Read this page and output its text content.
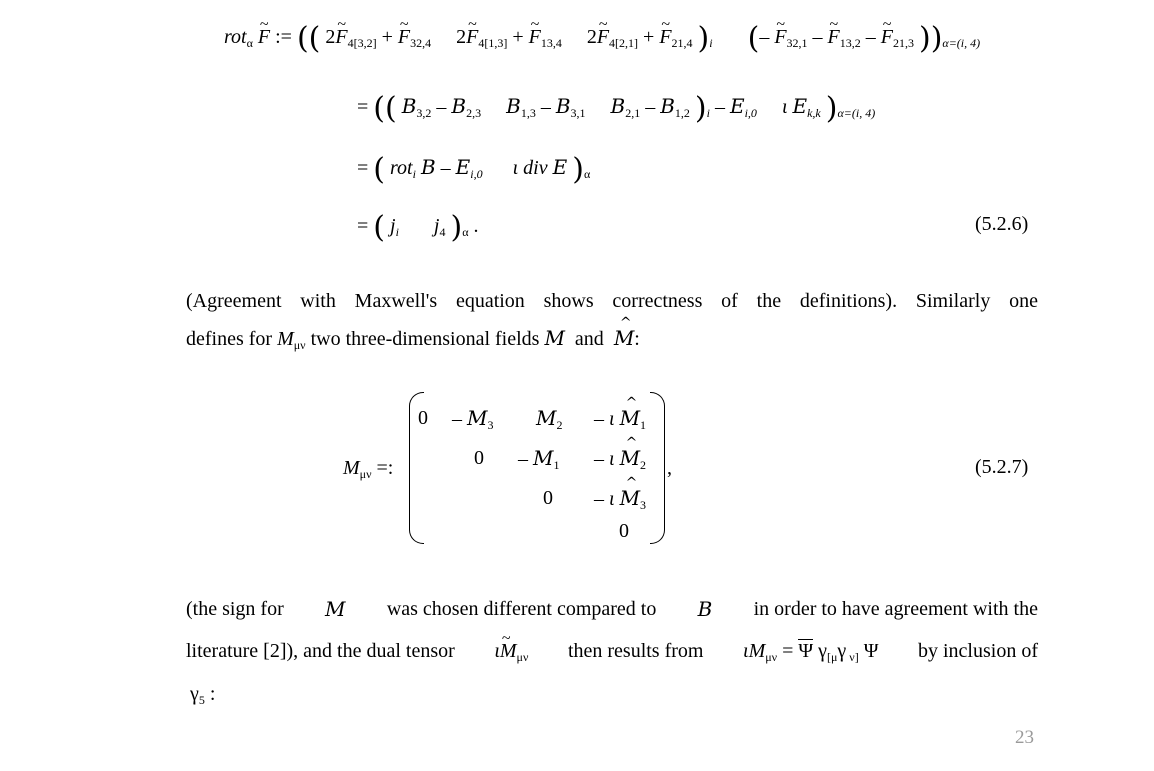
rot$_\alpha$ ~ F := (( 2~ $F_{4[3,2]}$ + ~ $F_{32,4}$ 2~ $F_{4[1,3]}$ + ~ $F_{13,4}$ 2~ $F_{4[2,1]}$ + ~ $F_{21,4}$ )$_i$ (– ~ $F_{32,1}$ – ~ $F_{13,2}$ – ~ $F_{21,3}$ ))$_{\alpha=(i, 4)}$
= (( $B_{3,2} - B_{2,3}$ $B_{1,3} - B_{3,1}$ $B_{2,1} - B_{1,2}$ )$_i - E_{i,0}$ ι $E_{k,k}$ )$_{\alpha=(i, 4)}$
= ( rot$_i$ B – $E_{i,0}$ ι div E )$_\alpha$
= ( $j_i$ $j_4$ )$_\alpha$ .	(5.2.6)
(Agreement with Maxwell's equation shows correctness of the definitions). Similarly one
defines for $M_{\mu\nu}$ two three-dimensional fields M and ^ M:
$M_{\mu\nu}$ =:
$0 - M_3$ $M_2$ – ι ^ $M_1$
$0 - M_1$ – ι ^ $M_2$
0 – ι ^ $M_3$
0
,	(5.2.7)
(the sign for M was chosen different compared to B in order to have agreement with the
literature [2]), and the dual tensor ι~ $M_{\mu\nu}$ then results from $\iota M_{\mu\nu} = \Psi$ $\gamma_{[\mu}\gamma$ $_{\nu]}$ Ψ by inclusion of
$\gamma_5$ :
23
